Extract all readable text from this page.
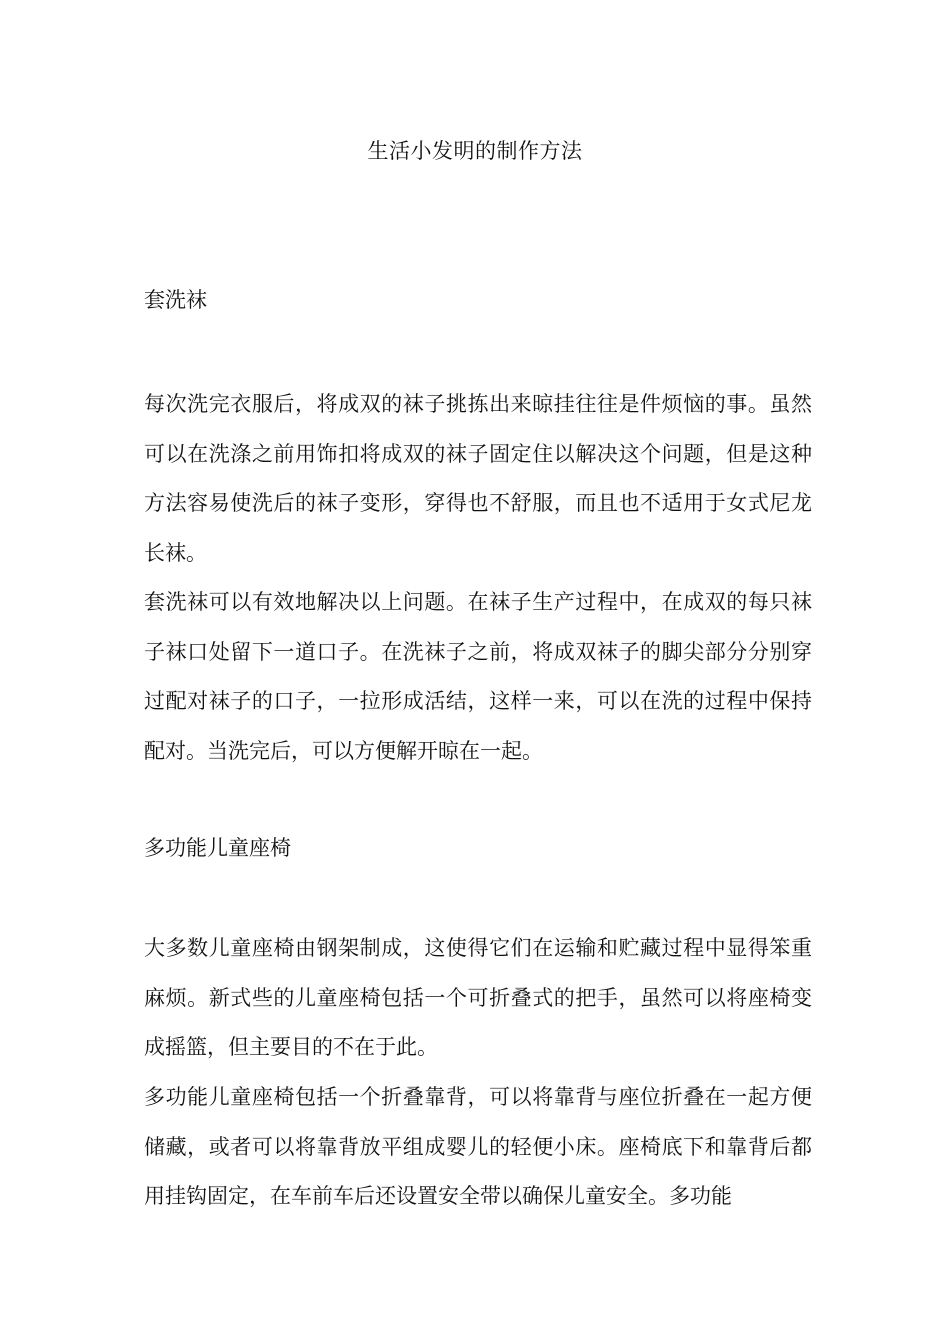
生活小发明的制作方法
套洗袜

每次洗完衣服后，将成双的袜子挑拣出来晾挂往往是件烦恼的事。虽然可以在洗涤之前用饰扣将成双的袜子固定住以解决这个问题，但是这种方法容易使洗后的袜子变形，穿得也不舒服，而且也不适用于女式尼龙长袜。

套洗袜可以有效地解决以上问题。在袜子生产过程中，在成双的每只袜子袜口处留下一道口子。在洗袜子之前，将成双袜子的脚尖部分分别穿过配对袜子的口子，一拉形成活结，这样一来，可以在洗的过程中保持配对。当洗完后，可以方便解开晾在一起。

多功能儿童座椅

大多数儿童座椅由钢架制成，这使得它们在运输和贮藏过程中显得笨重麻烦。新式些的儿童座椅包括一个可折叠式的把手，虽然可以将座椅变成摇篮，但主要目的不在于此。

多功能儿童座椅包括一个折叠靠背，可以将靠背与座位折叠在一起方便储藏，或者可以将靠背放平组成婴儿的轻便小床。座椅底下和靠背后都用挂钩固定，在车前车后还设置安全带以确保儿童安全。多功能
